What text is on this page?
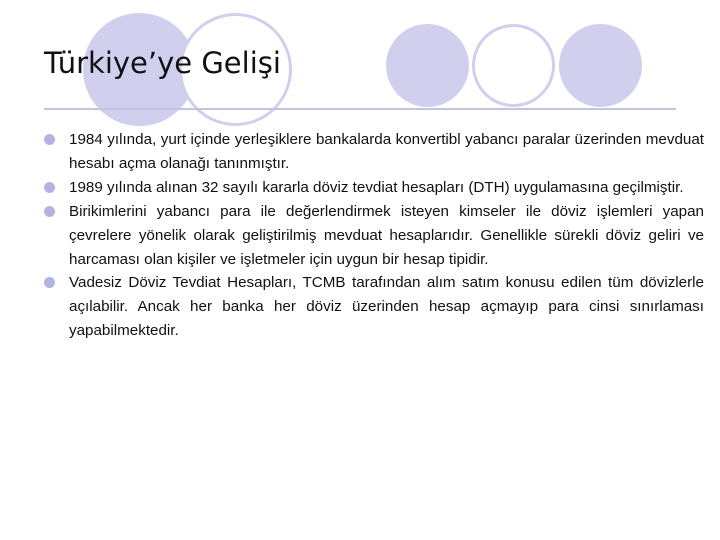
Türkiye’ye Gelişi
1984 yılında, yurt içinde yerleşiklere bankalarda konvertibl yabancı paralar üzerinden mevduat hesabı açma olanağı tanınmıştır.
1989 yılında alınan 32 sayılı kararla döviz tevdiat hesapları (DTH) uygulamasına geçilmiştir.
Birikimlerini yabancı para ile değerlendirmek isteyen kimseler ile döviz işlemleri yapan çevrelere yönelik olarak geliştirilmiş mevduat hesaplarıdır. Genellikle sürekli döviz geliri ve harcaması olan kişiler ve işletmeler için uygun bir hesap tipidir.
Vadesiz Döviz Tevdiat Hesapları, TCMB tarafından alım satım konusu edilen tüm dövizlerle açılabilir. Ancak her banka her döviz üzerinden hesap açmayıp para cinsi sınırlaması yapabilmektedir.
